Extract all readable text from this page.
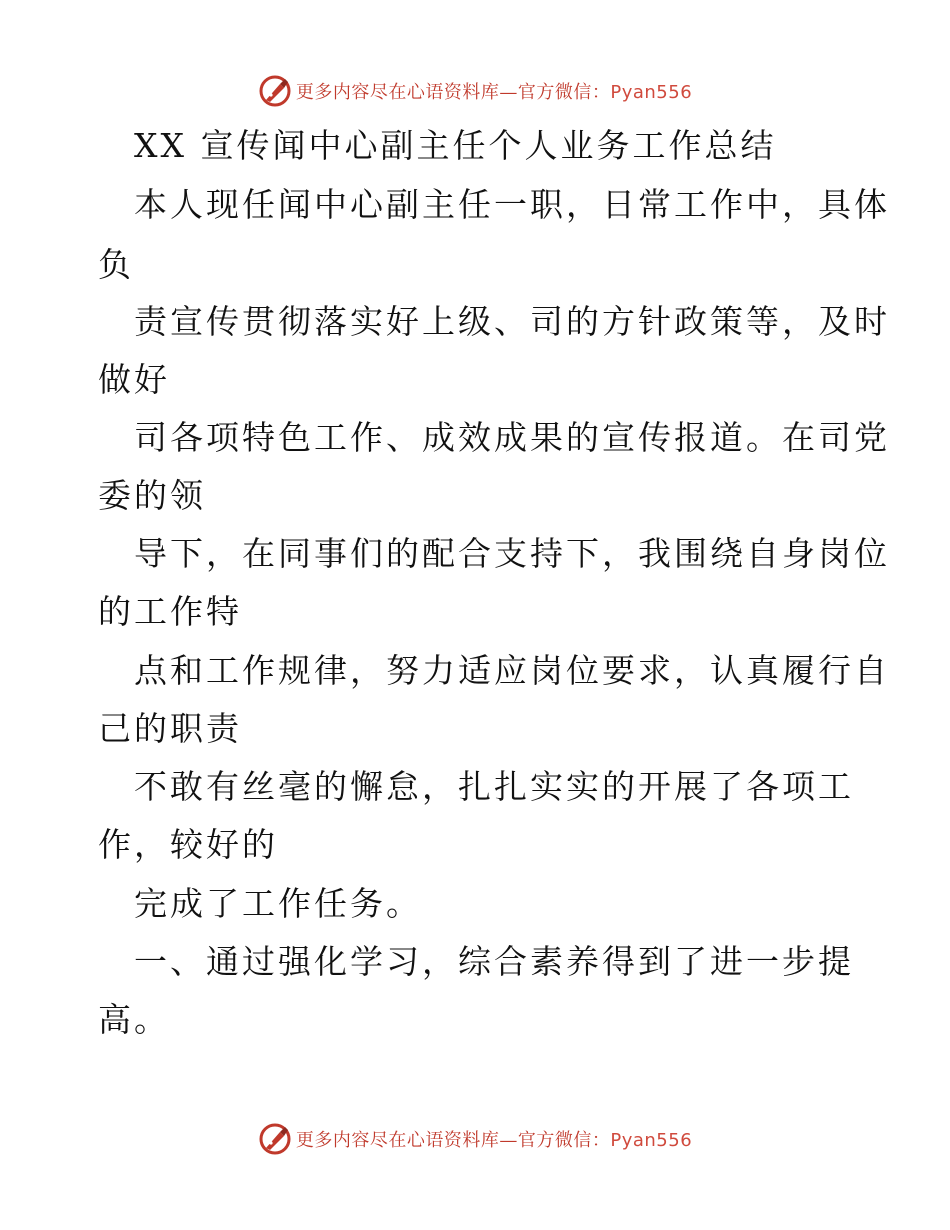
更多内容尽在心语资料库—官方微信：Pyan556
XX 宣传闻中心副主任个人业务工作总结
本人现任闻中心副主任一职，日常工作中，具体
负
责宣传贯彻落实好上级、司的方针政策等，及时
做好
司各项特色工作、成效成果的宣传报道。在司党
委的领
导下，在同事们的配合支持下，我围绕自身岗位
的工作特
点和工作规律，努力适应岗位要求，认真履行自
己的职责
不敢有丝毫的懈怠，扎扎实实的开展了各项工
作，较好的
完成了工作任务。
一、通过强化学习，综合素养得到了进一步提
高。
更多内容尽在心语资料库—官方微信：Pyan556
